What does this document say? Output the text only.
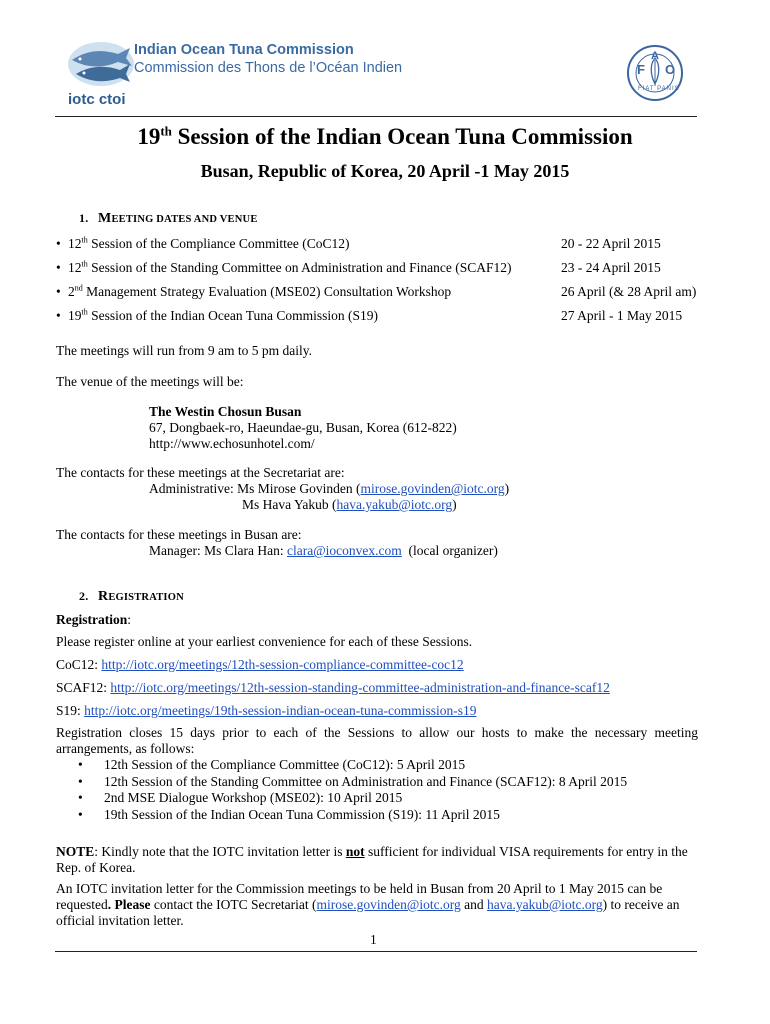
Indian Ocean Tuna Commission
Commission des Thons de l’Océan Indien
iotc ctoi
F
A
O
FIAT PANIS
19th Session of the Indian Ocean Tuna Commission
Busan, Republic of Korea, 20 April -1 May 2015
1. MEETING DATES AND VENUE
• 12th Session of the Compliance Committee (CoC12)	20 - 22 April 2015
• 12th Session of the Standing Committee on Administration and Finance (SCAF12)	23 - 24 April 2015
• 2nd Management Strategy Evaluation (MSE02) Consultation Workshop	26 April (& 28 April am)
• 19th Session of the Indian Ocean Tuna Commission (S19)	27 April - 1 May 2015
The meetings will run from 9 am to 5 pm daily.
The venue of the meetings will be:
The Westin Chosun Busan
67, Dongbaek-ro, Haeundae-gu, Busan, Korea (612-822)
http://www.echosunhotel.com/
The contacts for these meetings at the Secretariat are:
Administrative: Ms Mirose Govinden (mirose.govinden@iotc.org)
Ms Hava Yakub (hava.yakub@iotc.org)
The contacts for these meetings in Busan are:
Manager: Ms Clara Han: clara@ioconvex.com  (local organizer)
2. REGISTRATION
Registration:
Please register online at your earliest convenience for each of these Sessions.
CoC12: http://iotc.org/meetings/12th-session-compliance-committee-coc12
SCAF12: http://iotc.org/meetings/12th-session-standing-committee-administration-and-finance-scaf12
S19: http://iotc.org/meetings/19th-session-indian-ocean-tuna-commission-s19
Registration closes 15 days prior to each of the Sessions to allow our hosts to make the necessary meeting arrangements, as follows:
• 12th Session of the Compliance Committee (CoC12): 5 April 2015
• 12th Session of the Standing Committee on Administration and Finance (SCAF12): 8 April 2015
• 2nd MSE Dialogue Workshop (MSE02): 10 April 2015
• 19th Session of the Indian Ocean Tuna Commission (S19): 11 April 2015
NOTE: Kindly note that the IOTC invitation letter is not sufficient for individual VISA requirements for entry in the Rep. of Korea.
An IOTC invitation letter for the Commission meetings to be held in Busan from 20 April to 1 May 2015 can be requested. Please contact the IOTC Secretariat (mirose.govinden@iotc.org and hava.yakub@iotc.org) to receive an official invitation letter.
1
